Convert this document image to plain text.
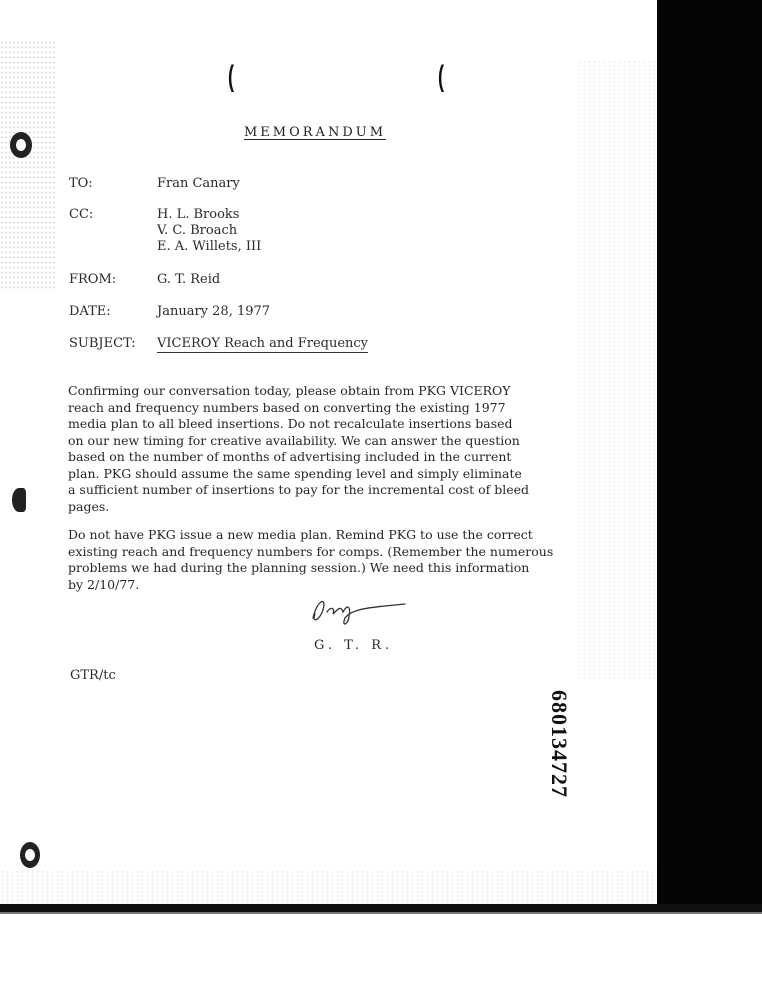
(	(
MEMORANDUM
TO:	Fran Canary
CC:	H. L. Brooks
V. C. Broach
E. A. Willets, III
FROM:	G. T. Reid
DATE:	January 28, 1977
SUBJECT: VICEROY Reach and Frequency
Confirming our conversation today, please obtain from PKG VICEROY
reach and frequency numbers based on converting the existing 1977
media plan to all bleed insertions. Do not recalculate insertions based
on our new timing for creative availability. We can answer the question
based on the number of months of advertising included in the current
plan. PKG should assume the same spending level and simply eliminate
a sufficient number of insertions to pay for the incremental cost of bleed
pages.
Do not have PKG issue a new media plan. Remind PKG to use the correct
existing reach and frequency numbers for comps. (Remember the numerous
problems we had during the planning session.) We need this information
by 2/10/77.
G. T. R.
GTR/tc
680134727
